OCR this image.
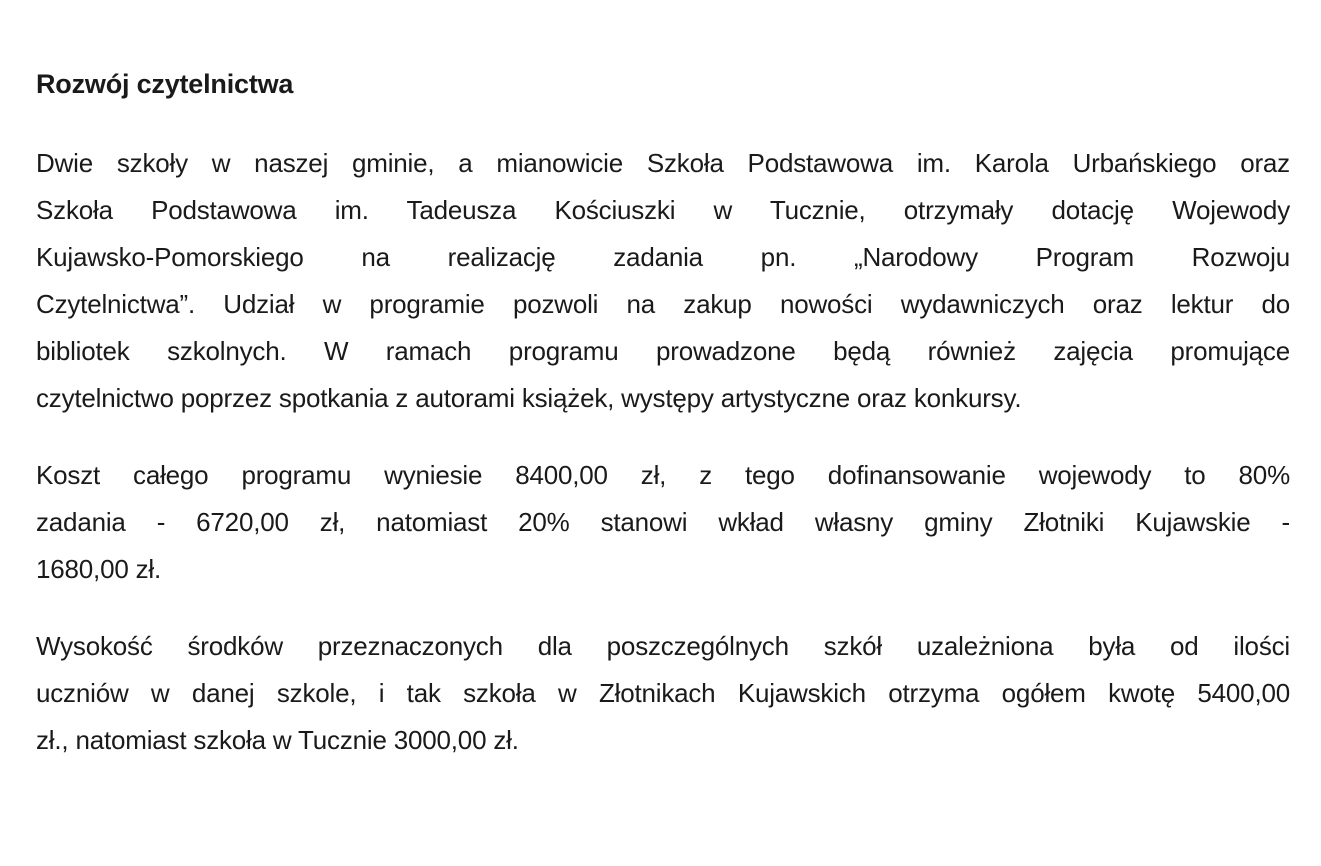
Rozwój czytelnictwa
Dwie szkoły w naszej gminie, a mianowicie Szkoła Podstawowa im. Karola Urbańskiego oraz
Szkoła Podstawowa im. Tadeusza Kościuszki w Tucznie, otrzymały dotację Wojewody
Kujawsko-Pomorskiego na realizację zadania pn. „Narodowy Program Rozwoju
Czytelnictwa”. Udział w programie pozwoli na zakup nowości wydawniczych oraz lektur do
bibliotek szkolnych. W ramach programu prowadzone będą również zajęcia promujące
czytelnictwo poprzez spotkania z autorami książek, występy artystyczne oraz konkursy.
Koszt całego programu wyniesie 8400,00 zł, z tego dofinansowanie wojewody to 80%
zadania - 6720,00 zł, natomiast 20% stanowi wkład własny gminy Złotniki Kujawskie -
1680,00 zł.
Wysokość środków przeznaczonych dla poszczególnych szkół uzależniona była od ilości
uczniów w danej szkole, i tak szkoła w Złotnikach Kujawskich otrzyma ogółem kwotę 5400,00
zł., natomiast szkoła w Tucznie 3000,00 zł.
